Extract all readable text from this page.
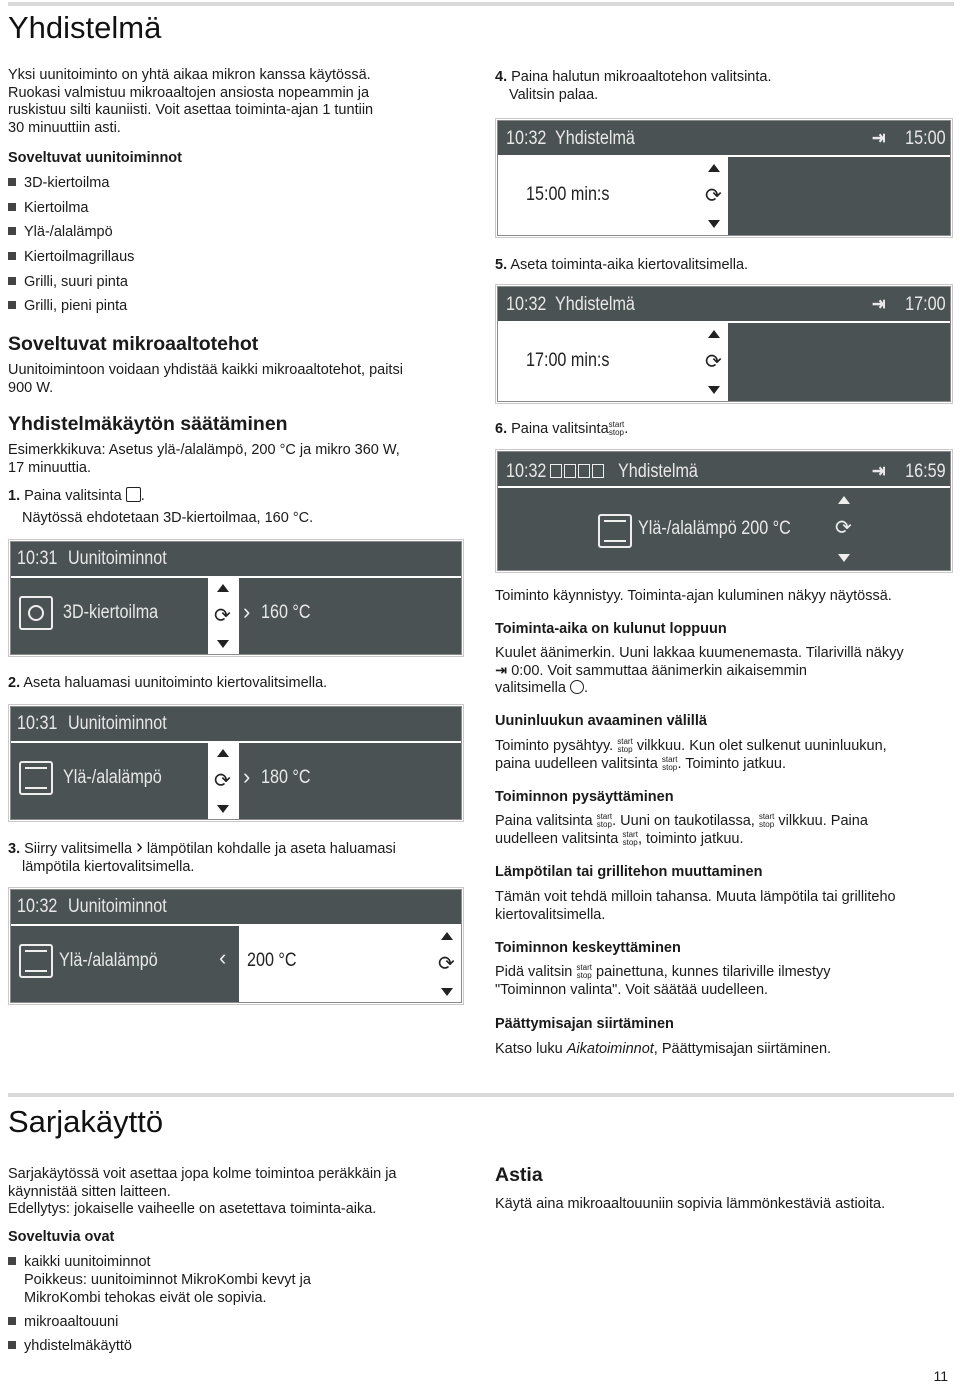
Yhdistelmä
Yksi uunitoiminto on yhtä aikaa mikron kanssa käytössä.
Ruokasi valmistuu mikroaaltojen ansiosta nopeammin ja
ruskistuu silti kauniisti. Voit asettaa toiminta-ajan 1 tuntiin
30 minuuttiin asti.
Soveltuvat uunitoiminnot
3D-kiertoilma
Kiertoilma
Ylä-/alalämpö
Kiertoilmagrillaus
Grilli, suuri pinta
Grilli, pieni pinta
Soveltuvat mikroaaltotehot
Uunitoimintoon voidaan yhdistää kaikki mikroaaltotehot, paitsi
900 W.
Yhdistelmäkäytön säätäminen
Esimerkkikuva: Asetus ylä-/alalämpö, 200 °C ja mikro 360 W,
17 minuuttia.
1. Paina valitsinta .
Näytössä ehdotetaan 3D-kiertoilmaa, 160 °C.
10:31 Uunitoiminnot
⟳
3D-kiertoilma	› 160 °C
2. Aseta haluamasi uunitoiminto kiertovalitsimella.
10:31 Uunitoiminnot
⟳
Ylä-/alalämpö	› 180 °C
3. Siirry valitsimella › lämpötilan kohdalle ja aseta haluamasi
lämpötila kiertovalitsimella.
10:32 Uunitoiminnot
200 °C	⟳
Ylä-/alalämpö	‹
4. Paina halutun mikroaaltotehon valitsinta.
Valitsin palaa.
10:32 Yhdistelmä	⇥ 15:00
15:00 min:s	⟳
5. Aseta toiminta-aika kiertovalitsimella.
10:32 Yhdistelmä	⇥ 17:00
17:00 min:s	⟳
6. Paina valitsintastart
stop.
10:32	Yhdistelmä	⇥ 16:59
Ylä-/alalämpö 200 °C ⟳
Toiminto käynnistyy. Toiminta-ajan kuluminen näkyy näytössä.
Toiminta-aika on kulunut loppuun
Kuulet äänimerkin. Uuni lakkaa kuumenemasta. Tilarivillä näkyy
⇥ 0:00. Voit sammuttaa äänimerkin aikaisemmin
valitsimella .
Uuninluukun avaaminen välillä
Toiminto pysähtyy. start
stop vilkkuu. Kun olet sulkenut uuninluukun,
paina uudelleen valitsinta start
stop. Toiminto jatkuu.
Toiminnon pysäyttäminen
Paina valitsinta start
stop. Uuni on taukotilassa, start
stop vilkkuu. Paina
uudelleen valitsinta start
stop, toiminto jatkuu.
Lämpötilan tai grillitehon muuttaminen
Tämän voit tehdä milloin tahansa. Muuta lämpötila tai grilliteho
kiertovalitsimella.
Toiminnon keskeyttäminen
Pidä valitsin start
stop painettuna, kunnes tilariville ilmestyy
"Toiminnon valinta". Voit säätää uudelleen.
Päättymisajan siirtäminen
Katso luku Aikatoiminnot, Päättymisajan siirtäminen.
Sarjakäyttö
Sarjakäytössä voit asettaa jopa kolme toimintoa peräkkäin ja
käynnistää sitten laitteen.
Edellytys: jokaiselle vaiheelle on asetettava toiminta-aika.
Soveltuvia ovat
kaikki uunitoiminnot
Poikkeus: uunitoiminnot MikroKombi kevyt ja
MikroKombi tehokas eivät ole sopivia.
mikroaaltouuni
yhdistelmäkäyttö
Astia
Käytä aina mikroaaltouuniin sopivia lämmönkestäviä astioita.
11
